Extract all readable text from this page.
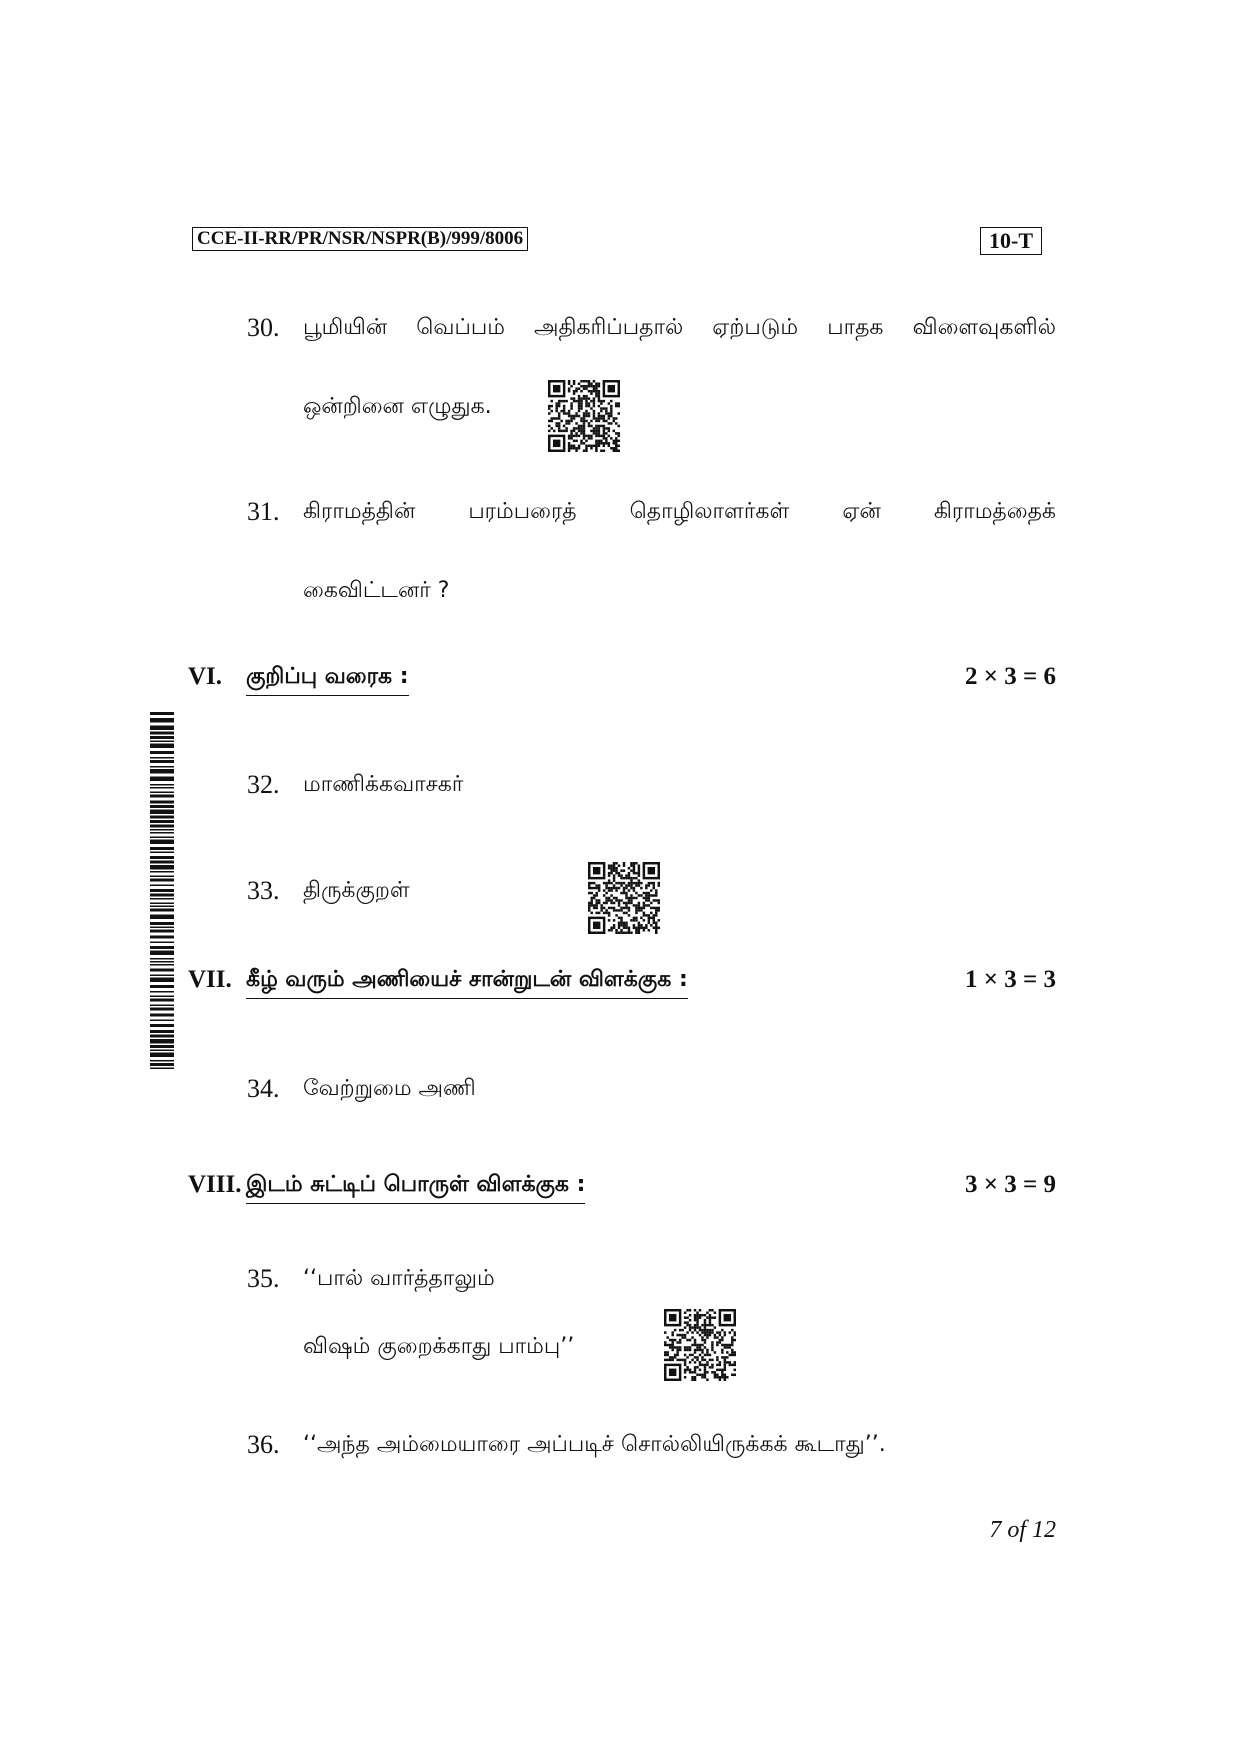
CCE-II-RR/PR/NSR/NSPR(B)/999/8006	10-T
30. பூமியின் வெப்பம் அதிகரிப்பதால் ஏற்படும் பாதக விளைவுகளில்
ஒன்றினை எழுதுக.
31. கிராமத்தின் பரம்பரைத் தொழிலாளர்கள் ஏன் கிராமத்தைக்
கைவிட்டனர் ?
VI. குறிப்பு வரைக :	2 × 3 = 6
32. மாணிக்கவாசகர்
33. திருக்குறள்
VII. கீழ் வரும் அணியைச் சான்றுடன் விளக்குக :	1 × 3 = 3
34. வேற்றுமை அணி
VIII. இடம் சுட்டிப் பொருள் விளக்குக :	3 × 3 = 9
35. ‘‘பால் வார்த்தாலும்
விஷம் குறைக்காது பாம்பு’’
36. ‘‘அந்த அம்மையாரை அப்படிச் சொல்லியிருக்கக் கூடாது’’.
7 of 12
